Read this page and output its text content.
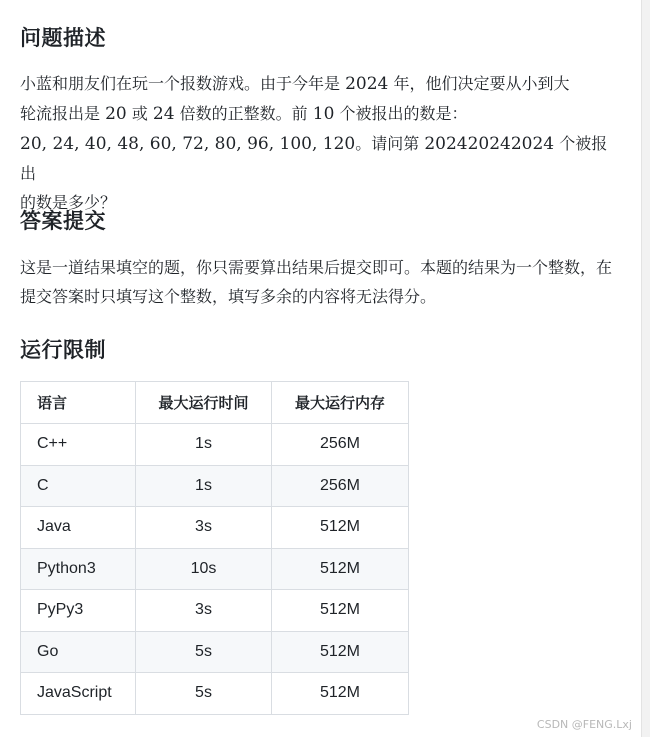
问题描述
小蓝和朋友们在玩一个报数游戏。由于今年是 2024 年，他们决定要从小到大
轮流报出是 20 或 24 倍数的正整数。前 10 个被报出的数是：
20, 24, 40, 48, 60, 72, 80, 96, 100, 120。请问第 202420242024 个被报出
的数是多少？
答案提交
这是一道结果填空的题，你只需要算出结果后提交即可。本题的结果为一个整数，在提交答案时只填写这个整数，填写多余的内容将无法得分。
运行限制
语言	最大运行时间	最大运行内存
C++	1s	256M
C	1s	256M
Java	3s	512M
Python3	10s	512M
PyPy3	3s	512M
Go	5s	512M
JavaScript	5s	512M
CSDN @FENG.Lxj
